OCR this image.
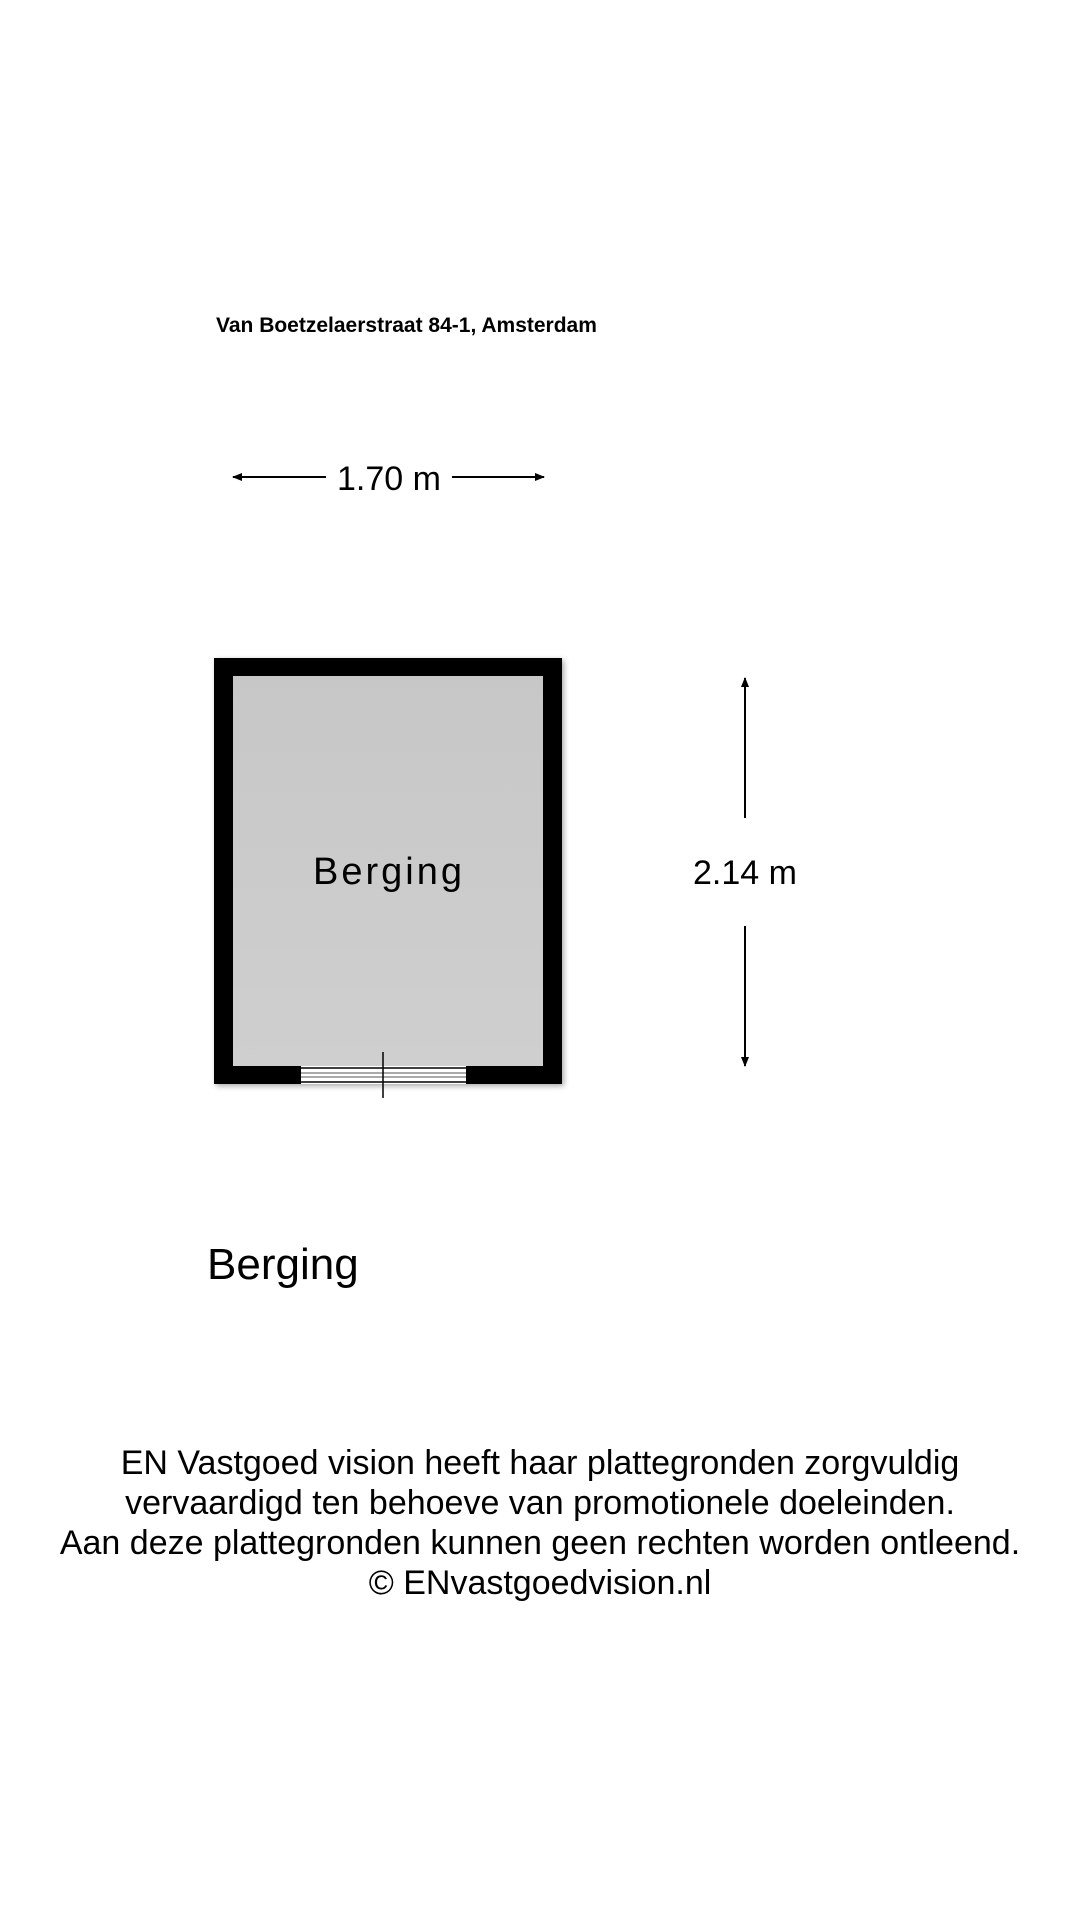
Van Boetzelaerstraat 84-1, Amsterdam
1.70 m
2.14 m
Berging
Berging
EN Vastgoed vision heeft haar plattegronden zorgvuldig
vervaardigd ten behoeve van promotionele doeleinden.
Aan deze plattegronden kunnen geen rechten worden ontleend.
© ENvastgoedvision.nl
